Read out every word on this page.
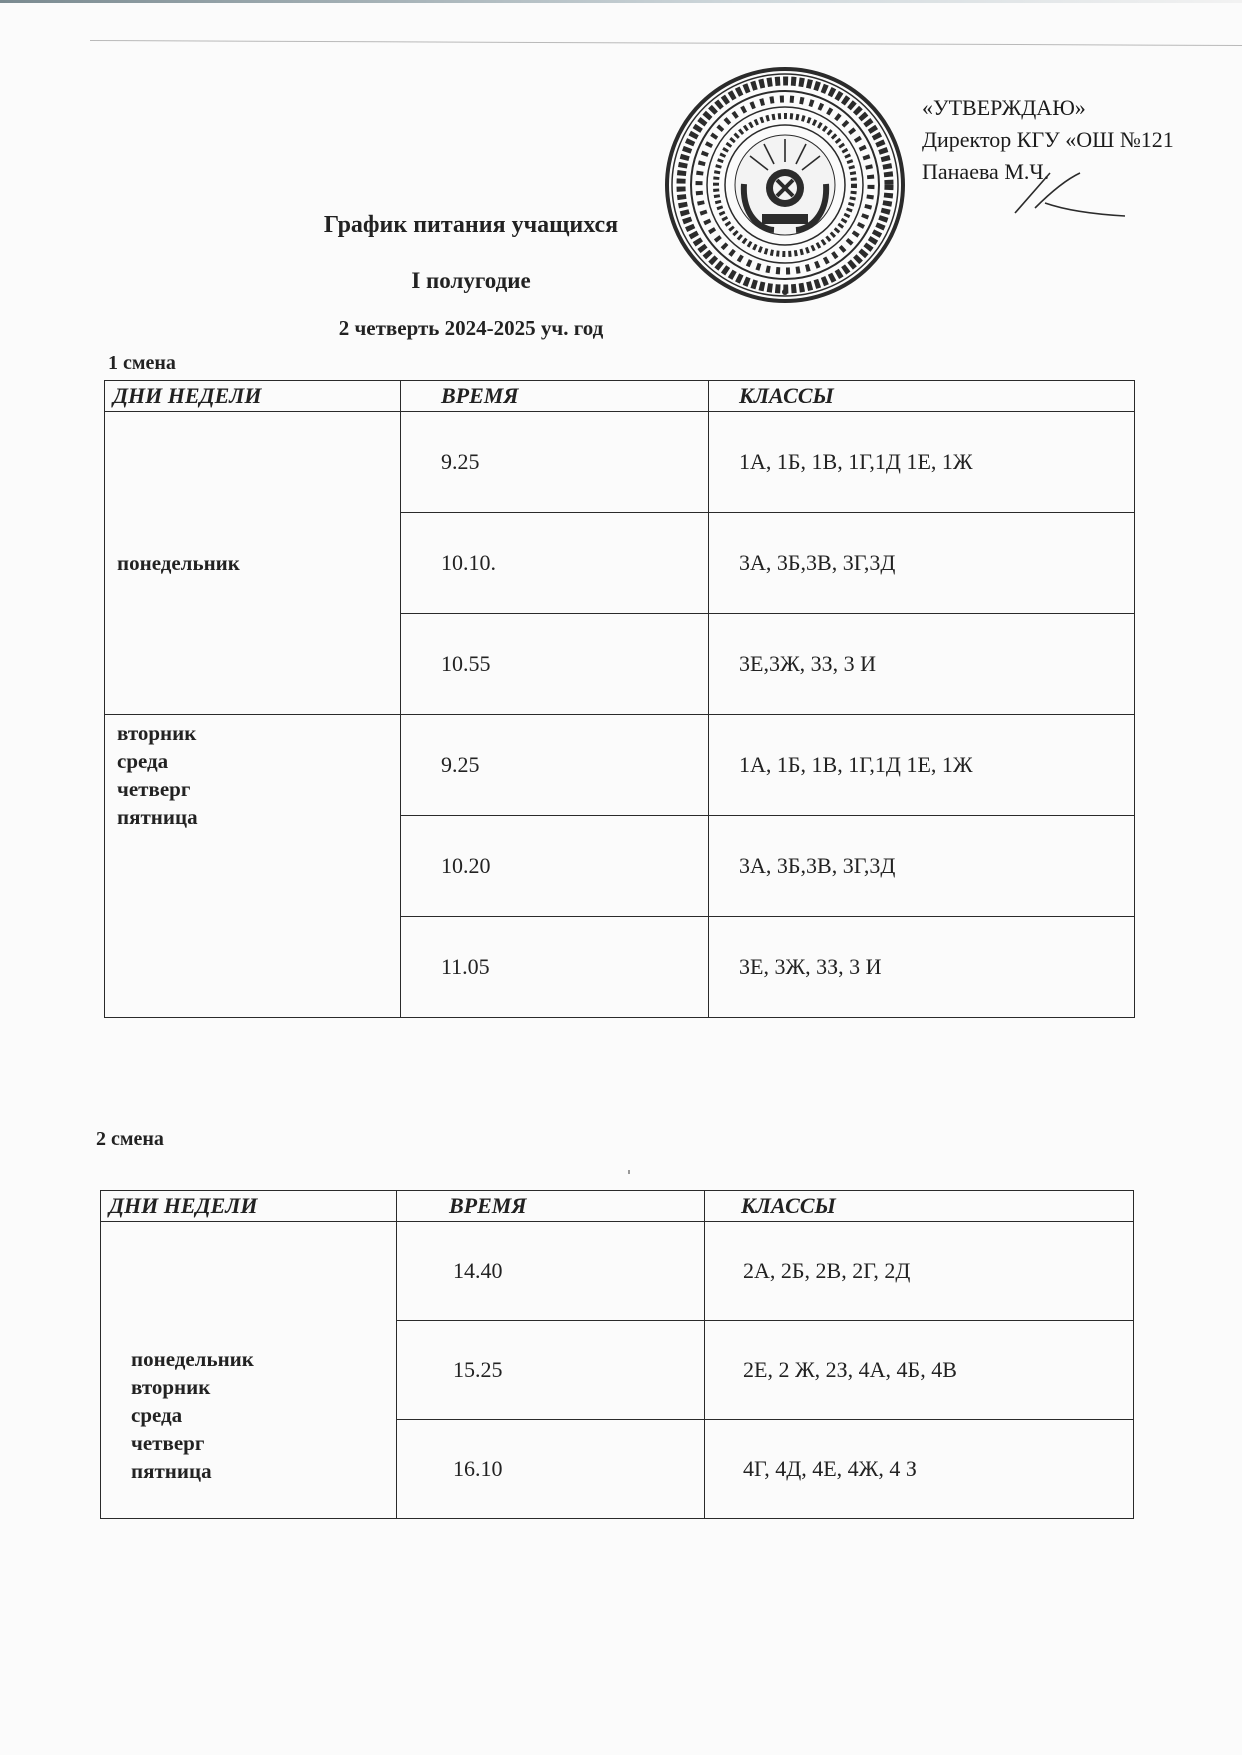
«УТВЕРЖДАЮ»
Директор КГУ «ОШ №121
Панаева М.Ч.
График питания учащихся
I полугодие
2 четверть 2024-2025 уч. год
1 смена
ДНИ НЕДЕЛИ	ВРЕМЯ	КЛАССЫ

понедельник	9.25	1А, 1Б, 1В, 1Г,1Д 1Е, 1Ж
	10.10.	3А, 3Б,3В, 3Г,3Д
	10.55	3Е,3Ж, 3З, 3 И

вторник
среда
четверг
пятница	9.25	1А, 1Б, 1В, 1Г,1Д 1Е, 1Ж
	10.20	3А, 3Б,3В, 3Г,3Д
	11.05	3Е, 3Ж, 3З, 3 И
2 смена
ДНИ НЕДЕЛИ	ВРЕМЯ	КЛАССЫ

понедельник
вторник
среда
четверг
пятница	14.40	2А, 2Б, 2В, 2Г, 2Д
	15.25	2Е, 2 Ж, 2З, 4А, 4Б, 4В
	16.10	4Г, 4Д, 4Е, 4Ж, 4 З
